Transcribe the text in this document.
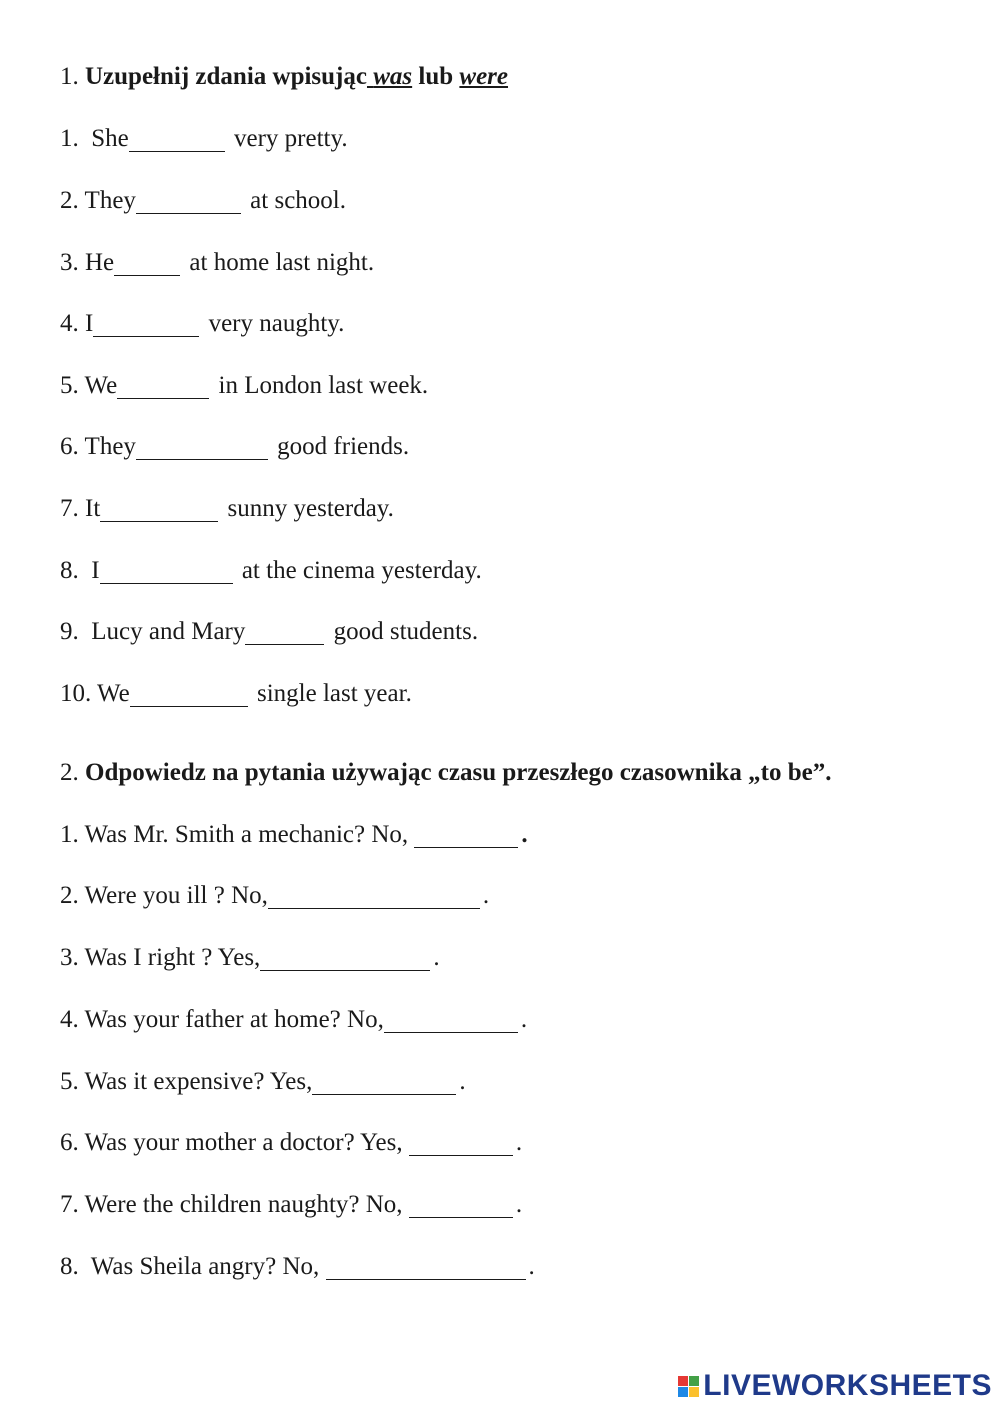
1. Uzupełnij zdania wpisując was lub were
1.  She	very pretty.
2. They	at school.
3. He	at home last night.
4. I	very naughty.
5. We	in London last week.
6. They	good friends.
7. It	sunny yesterday.
8.  I	at the cinema yesterday.
9.  Lucy and Mary	good students.
10. We	single last year.
2. Odpowiedz na pytania używając czasu przeszłego czasownika „to be”.
1. Was Mr. Smith a mechanic? No,	.
2. Were you ill ? No,	.
3. Was I right ? Yes,	.
4. Was your father at home? No,	.
5. Was it expensive? Yes,	.
6. Was your mother a doctor? Yes,	.
7. Were the children naughty? No,	.
8.  Was Sheila angry? No,	.
LIVEWORKSHEETS
